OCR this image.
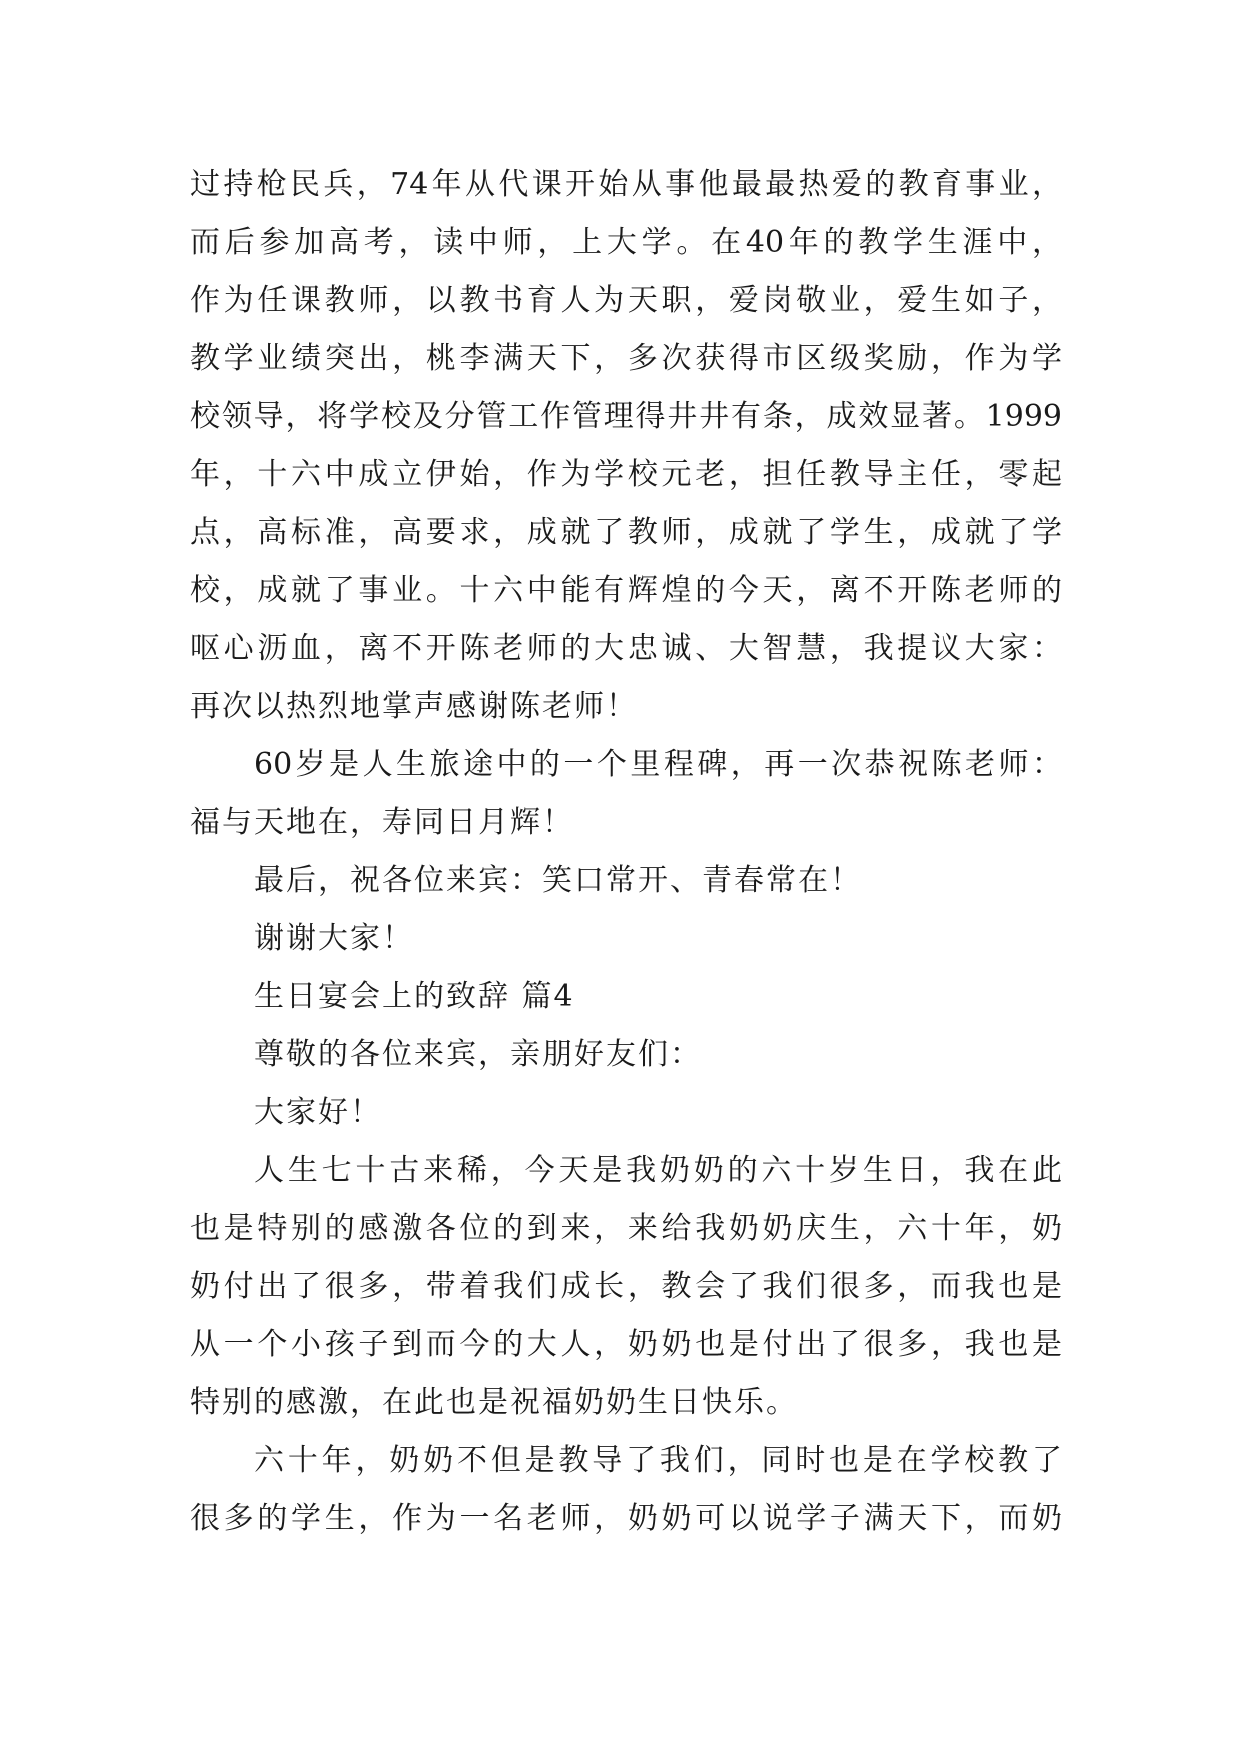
过持枪民兵，74年从代课开始从事他最最热爱的教育事业，
而后参加高考，读中师，上大学。在40年的教学生涯中，
作为任课教师，以教书育人为天职，爱岗敬业，爱生如子，
教学业绩突出，桃李满天下，多次获得市区级奖励，作为学
校领导，将学校及分管工作管理得井井有条，成效显著。1999
年，十六中成立伊始，作为学校元老，担任教导主任，零起
点，高标准，高要求，成就了教师，成就了学生，成就了学
校，成就了事业。十六中能有辉煌的今天，离不开陈老师的
呕心沥血，离不开陈老师的大忠诚、大智慧，我提议大家：
再次以热烈地掌声感谢陈老师！
60岁是人生旅途中的一个里程碑，再一次恭祝陈老师：
福与天地在，寿同日月辉！
最后，祝各位来宾：笑口常开、青春常在！
谢谢大家！
生日宴会上的致辞 篇4
尊敬的各位来宾，亲朋好友们：
大家好！
人生七十古来稀，今天是我奶奶的六十岁生日，我在此
也是特别的感激各位的到来，来给我奶奶庆生，六十年，奶
奶付出了很多，带着我们成长，教会了我们很多，而我也是
从一个小孩子到而今的大人，奶奶也是付出了很多，我也是
特别的感激，在此也是祝福奶奶生日快乐。
六十年，奶奶不但是教导了我们，同时也是在学校教了
很多的学生，作为一名老师，奶奶可以说学子满天下，而奶
